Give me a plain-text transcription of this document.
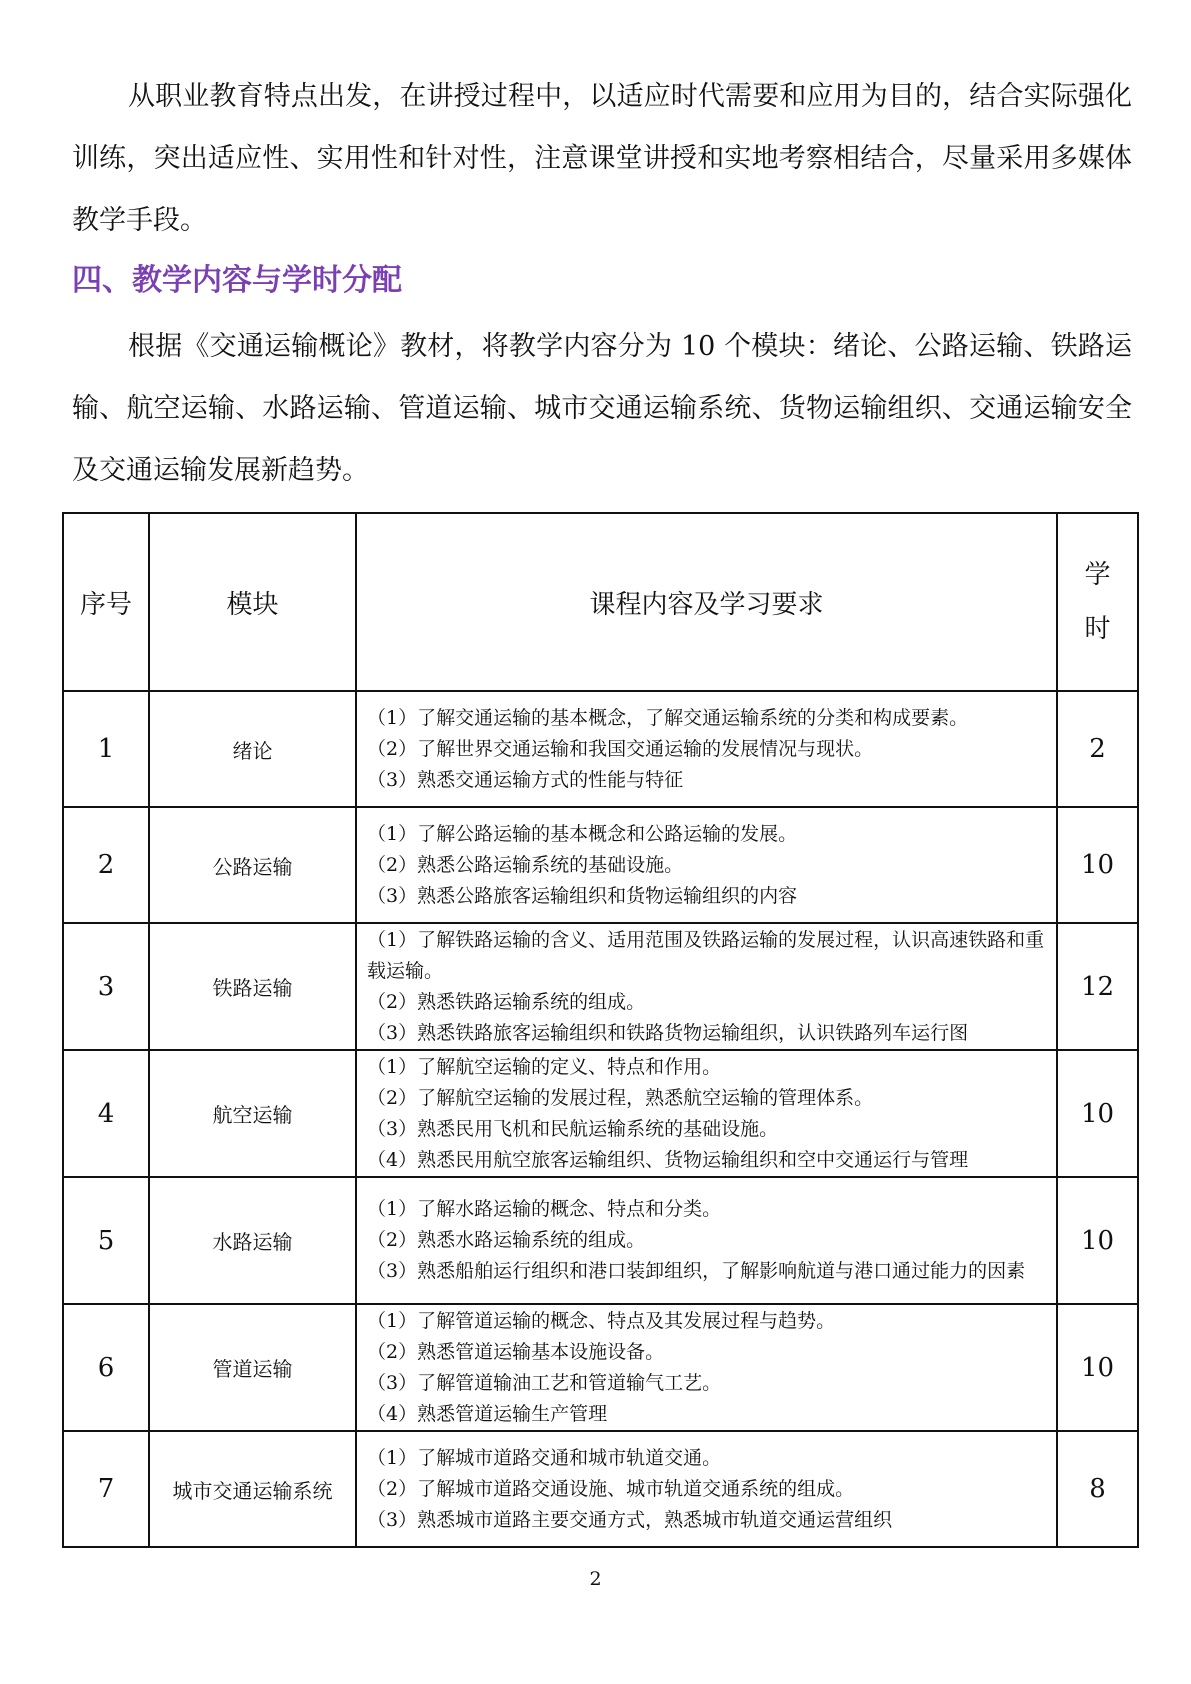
从职业教育特点出发，在讲授过程中，以适应时代需要和应用为目的，结合实际强化训练，突出适应性、实用性和针对性，注意课堂讲授和实地考察相结合，尽量采用多媒体教学手段。

四、教学内容与学时分配

根据《交通运输概论》教材，将教学内容分为 10 个模块：绪论、公路运输、铁路运输、航空运输、水路运输、管道运输、城市交通运输系统、货物运输组织、交通运输安全及交通运输发展新趋势。

序号	模块	课程内容及学习要求	学
时

1	绪论	（1）了解交通运输的基本概念，了解交通运输系统的分类和构成要素。
（2）了解世界交通运输和我国交通运输的发展情况与现状。
（3）熟悉交通运输方式的性能与特征	2
2	公路运输	（1）了解公路运输的基本概念和公路运输的发展。
（2）熟悉公路运输系统的基础设施。
（3）熟悉公路旅客运输组织和货物运输组织的内容	10
3	铁路运输	（1）了解铁路运输的含义、适用范围及铁路运输的发展过程，认识高速铁路和重载运输。
（2）熟悉铁路运输系统的组成。
（3）熟悉铁路旅客运输组织和铁路货物运输组织，认识铁路列车运行图	12
4	航空运输	（1）了解航空运输的定义、特点和作用。
（2）了解航空运输的发展过程，熟悉航空运输的管理体系。
（3）熟悉民用飞机和民航运输系统的基础设施。
（4）熟悉民用航空旅客运输组织、货物运输组织和空中交通运行与管理	10
5	水路运输	（1）了解水路运输的概念、特点和分类。
（2）熟悉水路运输系统的组成。
（3）熟悉船舶运行组织和港口装卸组织，了解影响航道与港口通过能力的因素	10
6	管道运输	（1）了解管道运输的概念、特点及其发展过程与趋势。
（2）熟悉管道运输基本设施设备。
（3）了解管道输油工艺和管道输气工艺。
（4）熟悉管道运输生产管理	10
7	城市交通运输系统	（1）了解城市道路交通和城市轨道交通。
（2）了解城市道路交通设施、城市轨道交通系统的组成。
（3）熟悉城市道路主要交通方式，熟悉城市轨道交通运营组织	8
2
